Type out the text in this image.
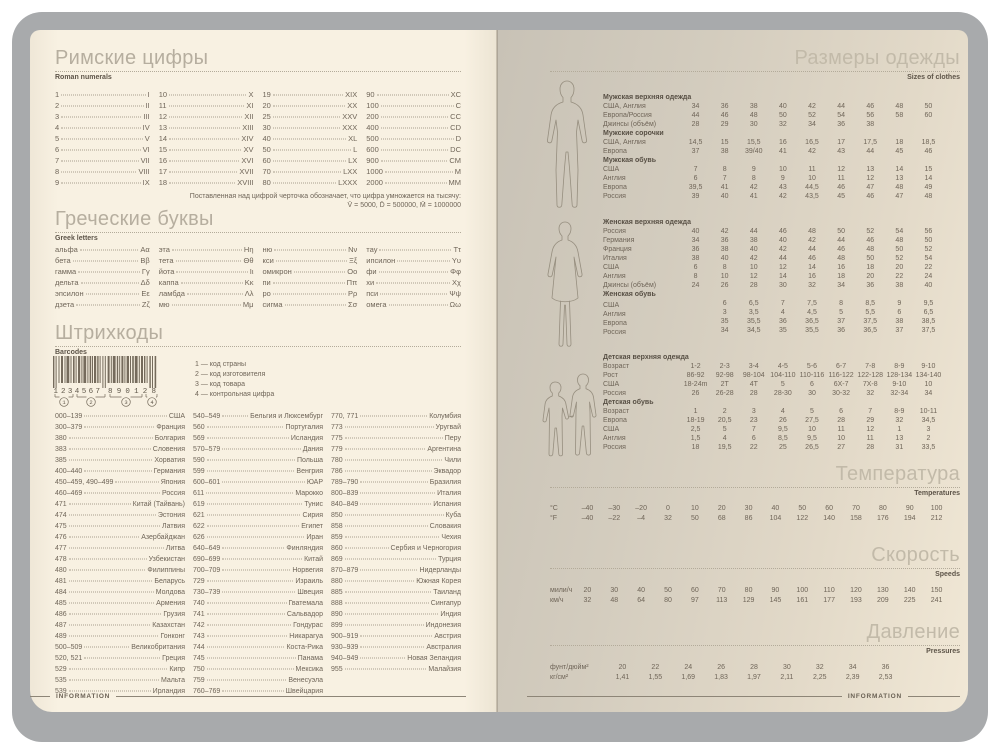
Римские цифры
Roman numerals
1	I
2	II
3	III
4	IV
5	V
6	VI
7	VII
8	VIII
9	IX
10	X
11	XI
12	XII
13	XIII
14	XIV
15	XV
16	XVI
17	XVII
18	XVIII
19	XIX
20	XX
25	XXV
30	XXX
40	XL
50	L
60	LX
70	LXX
80	LXXX
90	XC
100	C
200	CC
400	CD
500	D
600	DC
900	CM
1000	M
2000	MM
Поставленная над цифрой черточка обозначает, что цифра умножается на тысячу:
V̄ = 5000, D̄ = 500000, M̄ = 1000000
Греческие буквы
Greek letters
альфа	Αα
бета	Ββ
гамма	Γγ
дельта	Δδ
эпсилон	Εε
дзета	Ζζ
эта	Ηη
тета	Θθ
йота	Ιι
каппа	Κκ
ламбда	Λλ
мю	Μμ
ню	Νν
кси	Ξξ
омикрон	Οο
пи	Ππ
ро	Ρρ
сигма	Σσ
тау	Ττ
ипсилон	Υυ
фи	Φφ
хи	Χχ
пси	Ψψ
омега	Ωω
Штрихкоды
Barcodes
1 234567 890128
1	2	3	4
1 — код страны
2 — код изготовителя
3 — код товара
4 — контрольная цифра
000–139	США
300–379	Франция
380	Болгария
383	Словения
385	Хорватия
400–440	Германия
450–459, 490–499	Япония
460–469	Россия
471	Китай (Тайвань)
474	Эстония
475	Латвия
476	Азербайджан
477	Литва
478	Узбекистан
480	Филиппины
481	Беларусь
484	Молдова
485	Армения
486	Грузия
487	Казахстан
489	Гонконг
500–509	Великобритания
520, 521	Греция
529	Кипр
535	Мальта
539	Ирландия
540–549	Бельгия и Люксембург
560	Португалия
569	Исландия
570–579	Дания
590	Польша
599	Венгрия
600–601	ЮАР
611	Марокко
619	Тунис
621	Сирия
622	Египет
626	Иран
640–649	Финляндия
690–699	Китай
700–709	Норвегия
729	Израиль
730–739	Швеция
740	Гватемала
741	Сальвадор
742	Гондурас
743	Никарагуа
744	Коста-Рика
745	Панама
750	Мексика
759	Венесуэла
760–769	Швейцария
770, 771	Колумбия
773	Уругвай
775	Перу
779	Аргентина
780	Чили
786	Эквадор
789–790	Бразилия
800–839	Италия
840–849	Испания
850	Куба
858	Словакия
859	Чехия
860	Сербия и Черногория
869	Турция
870–879	Нидерланды
880	Южная Корея
885	Таиланд
888	Сингапур
890	Индия
899	Индонезия
900–919	Австрия
930–939	Австралия
940–949	Новая Зеландия
955	Малайзия
INFORMATION
Размеры одежды
Sizes of clothes
Мужская верхняя одежда
США, Англия	34	36	38	40	42	44	46	48	50
Европа/Россия	44	46	48	50	52	54	56	58	60
Джинсы (объём)	28	29	30	32	34	36	38
Мужские сорочки
США, Англия	14,5	15	15,5	16	16,5	17	17,5	18	18,5
Европа	37	38	39/40	41	42	43	44	45	46
Мужская обувь
США	7	8	9	10	11	12	13	14	15
Англия	6	7	8	9	10	11	12	13	14
Европа	39,5	41	42	43	44,5	46	47	48	49
Россия	39	40	41	42	43,5	45	46	47	48
Женская верхняя одежда
Россия	40	42	44	46	48	50	52	54	56
Германия	34	36	38	40	42	44	46	48	50
Франция	36	38	40	42	44	46	48	50	52
Италия	38	40	42	44	46	48	50	52	54
США	6	8	10	12	14	16	18	20	22
Англия	8	10	12	14	16	18	20	22	24
Джинсы (объём)	24	26	28	30	32	34	36	38	40
Женская обувь
США	6	6,5	7	7,5	8	8,5	9	9,5
Англия	3	3,5	4	4,5	5	5,5	6	6,5
Европа	35	35,5	36	36,5	37	37,5	38	38,5
Россия	34	34,5	35	35,5	36	36,5	37	37,5
Детская верхняя одежда
Возраст	1-2	2-3	3-4	4-5	5-6	6-7	7-8	8-9	9-10
Рост	86-92	92-98	98-104 104-110 110-116 116-122 122-128 128-134 134-140
США	18-24m	2T	4T	5	6	6X-7	7X-8	9-10	10
Россия	26	26-28	28	28-30	30	30-32	32	32-34	34
Детская обувь
Возраст	1	2	3	4	5	6	7	8-9	10-11
Европа	18-19	20,5	23	26	27,5	28	29	32	34,5
США	2,5	5	7	9,5	10	11	12	1	3
Англия	1,5	4	6	8,5	9,5	10	11	13	2
Россия	18	19,5	22	25	26,5	27	28	31	33,5
Температура
Temperatures
°C	–40	–30	–20	0	10	20	30	40	50	60	70	80	90	100
°F	–40	–22	–4	32	50	68	86	104	122	140	158	176	194	212
Скорость
Speeds
мили/ч	20	30	40	50	60	70	80	90	100	110	120	130	140	150
км/ч	32	48	64	80	97	113	129	145	161	177	193	209	225	241
Давление
Pressures
фунт/дюйм²	20	22	24	26	28	30	32	34	36
кг/см²	1,41	1,55	1,69	1,83	1,97	2,11	2,25	2,39	2,53
INFORMATION
